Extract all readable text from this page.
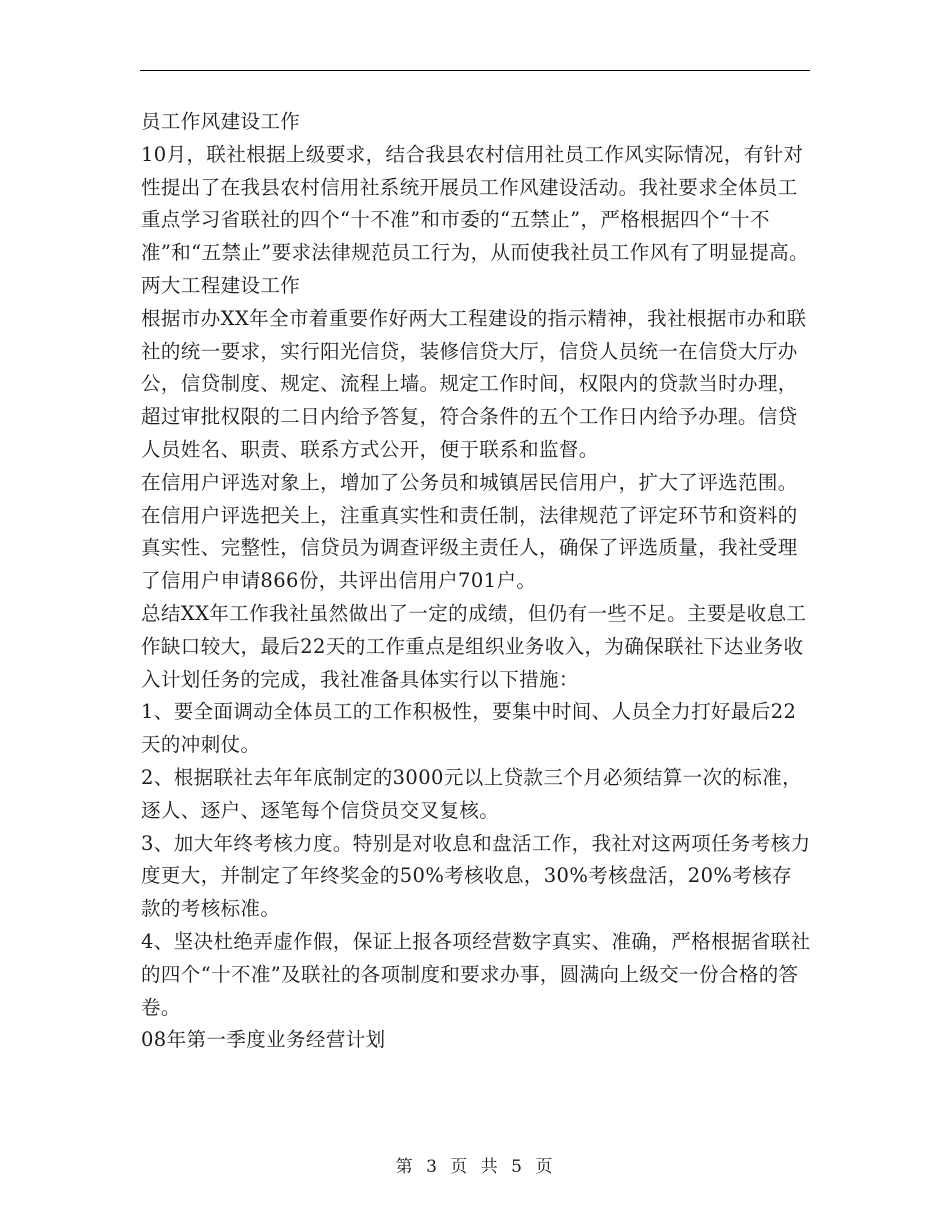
员工作风建设工作

10月，联社根据上级要求，结合我县农村信用社员工作风实际情况，有针对性提出了在我县农村信用社系统开展员工作风建设活动。我社要求全体员工重点学习省联社的四个“十不准”和市委的“五禁止”，严格根据四个“十不准”和“五禁止”要求法律规范员工行为，从而使我社员工作风有了明显提高。

两大工程建设工作

根据市办XX年全市着重要作好两大工程建设的指示精神，我社根据市办和联社的统一要求，实行阳光信贷，装修信贷大厅，信贷人员统一在信贷大厅办公，信贷制度、规定、流程上墙。规定工作时间，权限内的贷款当时办理，超过审批权限的二日内给予答复，符合条件的五个工作日内给予办理。信贷人员姓名、职责、联系方式公开，便于联系和监督。

在信用户评选对象上，增加了公务员和城镇居民信用户，扩大了评选范围。在信用户评选把关上，注重真实性和责任制，法律规范了评定环节和资料的真实性、完整性，信贷员为调查评级主责任人，确保了评选质量，我社受理了信用户申请866份，共评出信用户701户。

总结XX年工作我社虽然做出了一定的成绩，但仍有一些不足。主要是收息工作缺口较大，最后22天的工作重点是组织业务收入，为确保联社下达业务收入计划任务的完成，我社准备具体实行以下措施：

1、要全面调动全体员工的工作积极性，要集中时间、人员全力打好最后22天的冲刺仗。

2、根据联社去年年底制定的3000元以上贷款三个月必须结算一次的标准，逐人、逐户、逐笔每个信贷员交叉复核。

3、加大年终考核力度。特别是对收息和盘活工作，我社对这两项任务考核力度更大，并制定了年终奖金的50%考核收息，30%考核盘活，20%考核存款的考核标准。

4、坚决杜绝弄虚作假，保证上报各项经营数字真实、准确，严格根据省联社的四个“十不准”及联社的各项制度和要求办事，圆满向上级交一份合格的答卷。

08年第一季度业务经营计划

第 3 页 共 5 页
